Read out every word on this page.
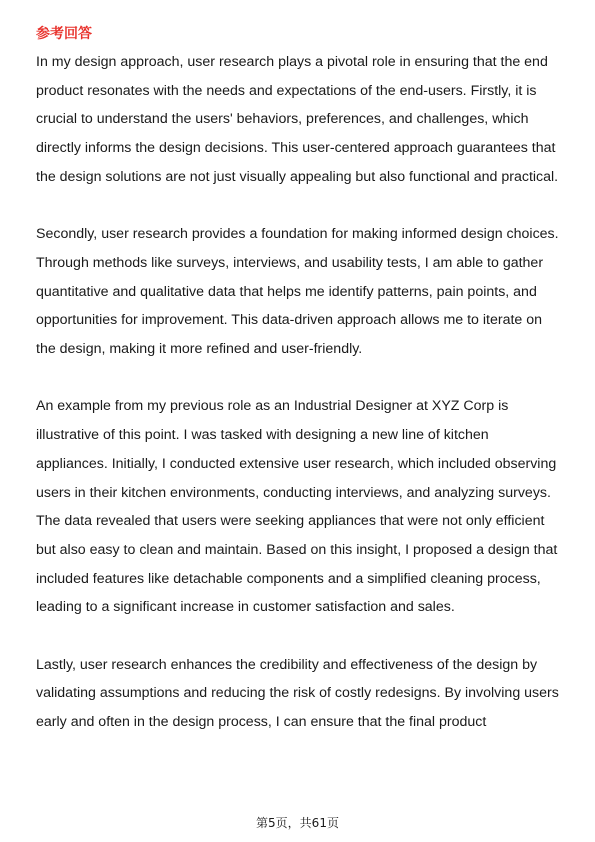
参考回答

In my design approach, user research plays a pivotal role in ensuring that the end product resonates with the needs and expectations of the end-users. Firstly, it is crucial to understand the users' behaviors, preferences, and challenges, which directly informs the design decisions. This user-centered approach guarantees that the design solutions are not just visually appealing but also functional and practical.

Secondly, user research provides a foundation for making informed design choices. Through methods like surveys, interviews, and usability tests, I am able to gather quantitative and qualitative data that helps me identify patterns, pain points, and opportunities for improvement. This data-driven approach allows me to iterate on the design, making it more refined and user-friendly.

An example from my previous role as an Industrial Designer at XYZ Corp is illustrative of this point. I was tasked with designing a new line of kitchen appliances. Initially, I conducted extensive user research, which included observing users in their kitchen environments, conducting interviews, and analyzing surveys. The data revealed that users were seeking appliances that were not only efficient but also easy to clean and maintain. Based on this insight, I proposed a design that included features like detachable components and a simplified cleaning process, leading to a significant increase in customer satisfaction and sales.

Lastly, user research enhances the credibility and effectiveness of the design by validating assumptions and reducing the risk of costly redesigns. By involving users early and often in the design process, I can ensure that the final product

第5页，共61页
